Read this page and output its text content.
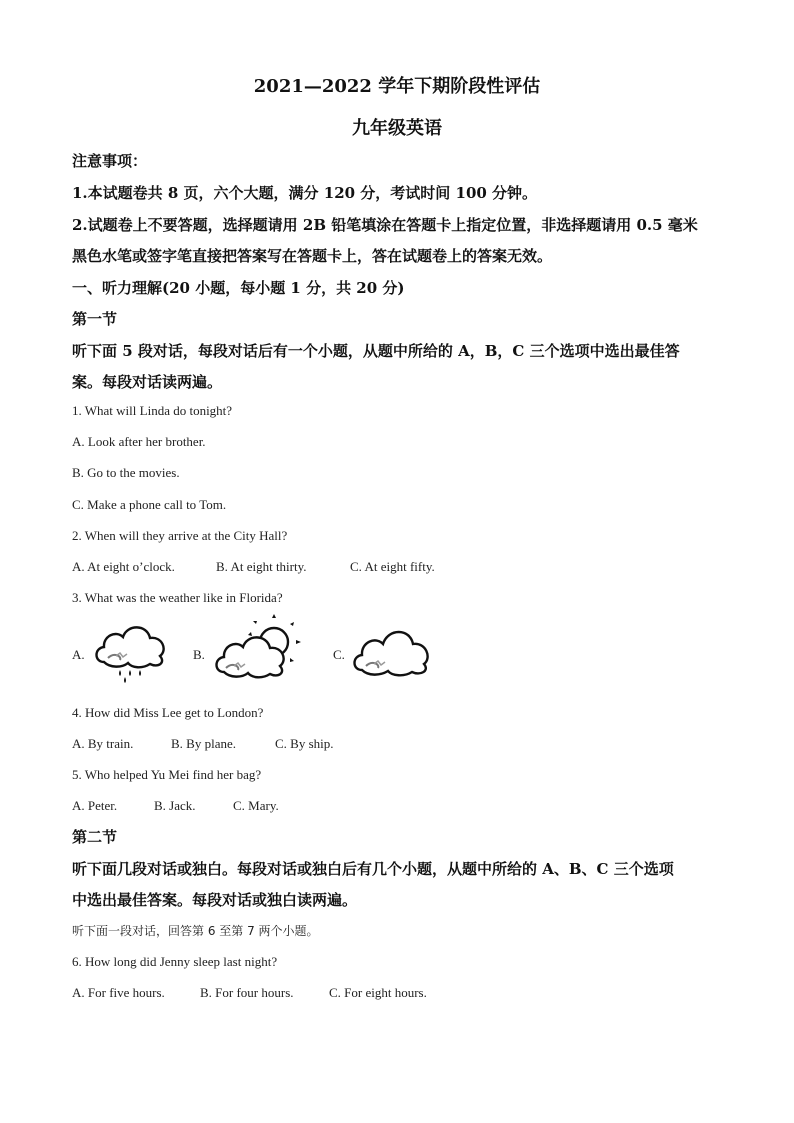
2021—2022 学年下期阶段性评估
九年级英语
注意事项：
1.本试题卷共 8 页，六个大题，满分 120 分，考试时间 100 分钟。
2.试题卷上不要答题，选择题请用 2B 铅笔填涂在答题卡上指定位置，非选择题请用 0.5 毫米
黑色水笔或签字笔直接把答案写在答题卡上，答在试题卷上的答案无效。
一、听力理解(20 小题，每小题 1 分，共 20 分)
第一节
听下面 5 段对话，每段对话后有一个小题，从题中所给的 A，B，C 三个选项中选出最佳答
案。每段对话读两遍。
1. What will Linda do tonight?
A. Look after her brother.
B. Go to the movies.
C. Make a phone call to Tom.
2. When will they arrive at the City Hall?
A. At eight o’clock.	B. At eight thirty.	C. At eight fifty.
3. What was the weather like in Florida?
A.	B.	C.
4. How did Miss Lee get to London?
A. By train.	B. By plane.	C. By ship.
5. Who helped Yu Mei find her bag?
A. Peter.	B. Jack.	C. Mary.
第二节
听下面几段对话或独白。每段对话或独白后有几个小题，从题中所给的 A、B、C 三个选项
中选出最佳答案。每段对话或独白读两遍。
听下面一段对话，回答第 6 至第 7 两个小题。
6. How long did Jenny sleep last night?
A. For five hours.	B. For four hours.	C. For eight hours.
